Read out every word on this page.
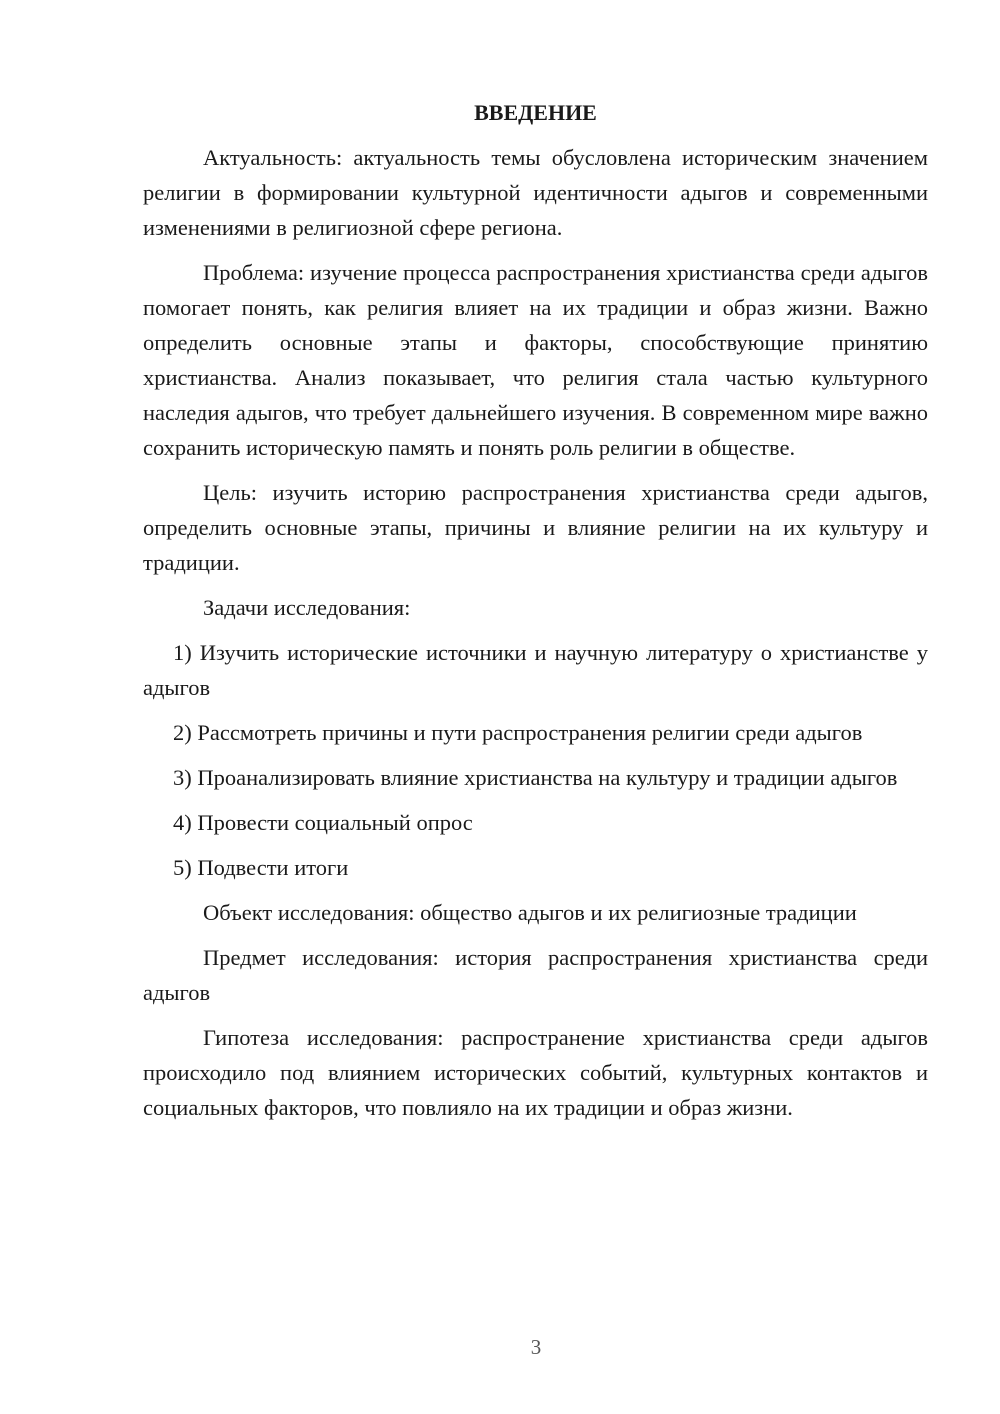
ВВЕДЕНИЕ

Актуальность: актуальность темы обусловлена историческим значением религии в формировании культурной идентичности адыгов и современными изменениями в религиозной сфере региона.

Проблема: изучение процесса распространения христианства среди адыгов помогает понять, как религия влияет на их традиции и образ жизни. Важно определить основные этапы и факторы, способствующие принятию христианства. Анализ показывает, что религия стала частью культурного наследия адыгов, что требует дальнейшего изучения. В современном мире важно сохранить историческую память и понять роль религии в обществе.

Цель: изучить историю распространения христианства среди адыгов, определить основные этапы, причины и влияние религии на их культуру и традиции.

Задачи исследования:

1) Изучить исторические источники и научную литературу о христианстве у адыгов

2) Рассмотреть причины и пути распространения религии среди адыгов

3) Проанализировать влияние христианства на культуру и традиции адыгов

4) Провести социальный опрос

5) Подвести итоги

Объект исследования: общество адыгов и их религиозные традиции

Предмет исследования: история распространения христианства среди адыгов

Гипотеза исследования: распространение христианства среди адыгов происходило под влиянием исторических событий, культурных контактов и социальных факторов, что повлияло на их традиции и образ жизни.

3
